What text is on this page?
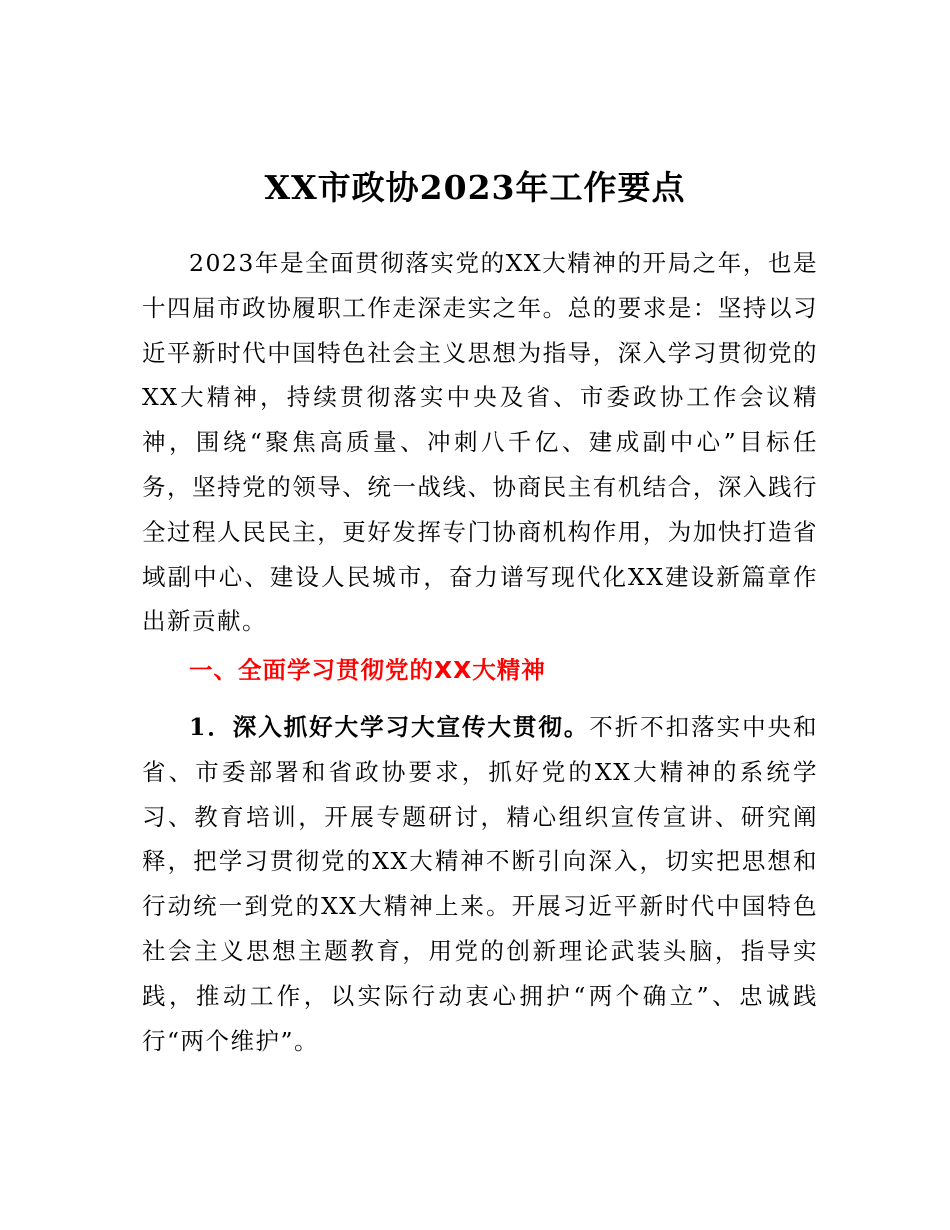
XX市政协2023年工作要点

2023年是全面贯彻落实党的XX大精神的开局之年，也是十四届市政协履职工作走深走实之年。总的要求是：坚持以习近平新时代中国特色社会主义思想为指导，深入学习贯彻党的XX大精神，持续贯彻落实中央及省、市委政协工作会议精神，围绕“聚焦高质量、冲刺八千亿、建成副中心”目标任务，坚持党的领导、统一战线、协商民主有机结合，深入践行全过程人民民主，更好发挥专门协商机构作用，为加快打造省域副中心、建设人民城市，奋力谱写现代化XX建设新篇章作出新贡献。

一、全面学习贯彻党的XX大精神

1．深入抓好大学习大宣传大贯彻。不折不扣落实中央和省、市委部署和省政协要求，抓好党的XX大精神的系统学习、教育培训，开展专题研讨，精心组织宣传宣讲、研究阐释，把学习贯彻党的XX大精神不断引向深入，切实把思想和行动统一到党的XX大精神上来。开展习近平新时代中国特色社会主义思想主题教育，用党的创新理论武装头脑，指导实践，推动工作，以实际行动衷心拥护“两个确立”、忠诚践行“两个维护”。
